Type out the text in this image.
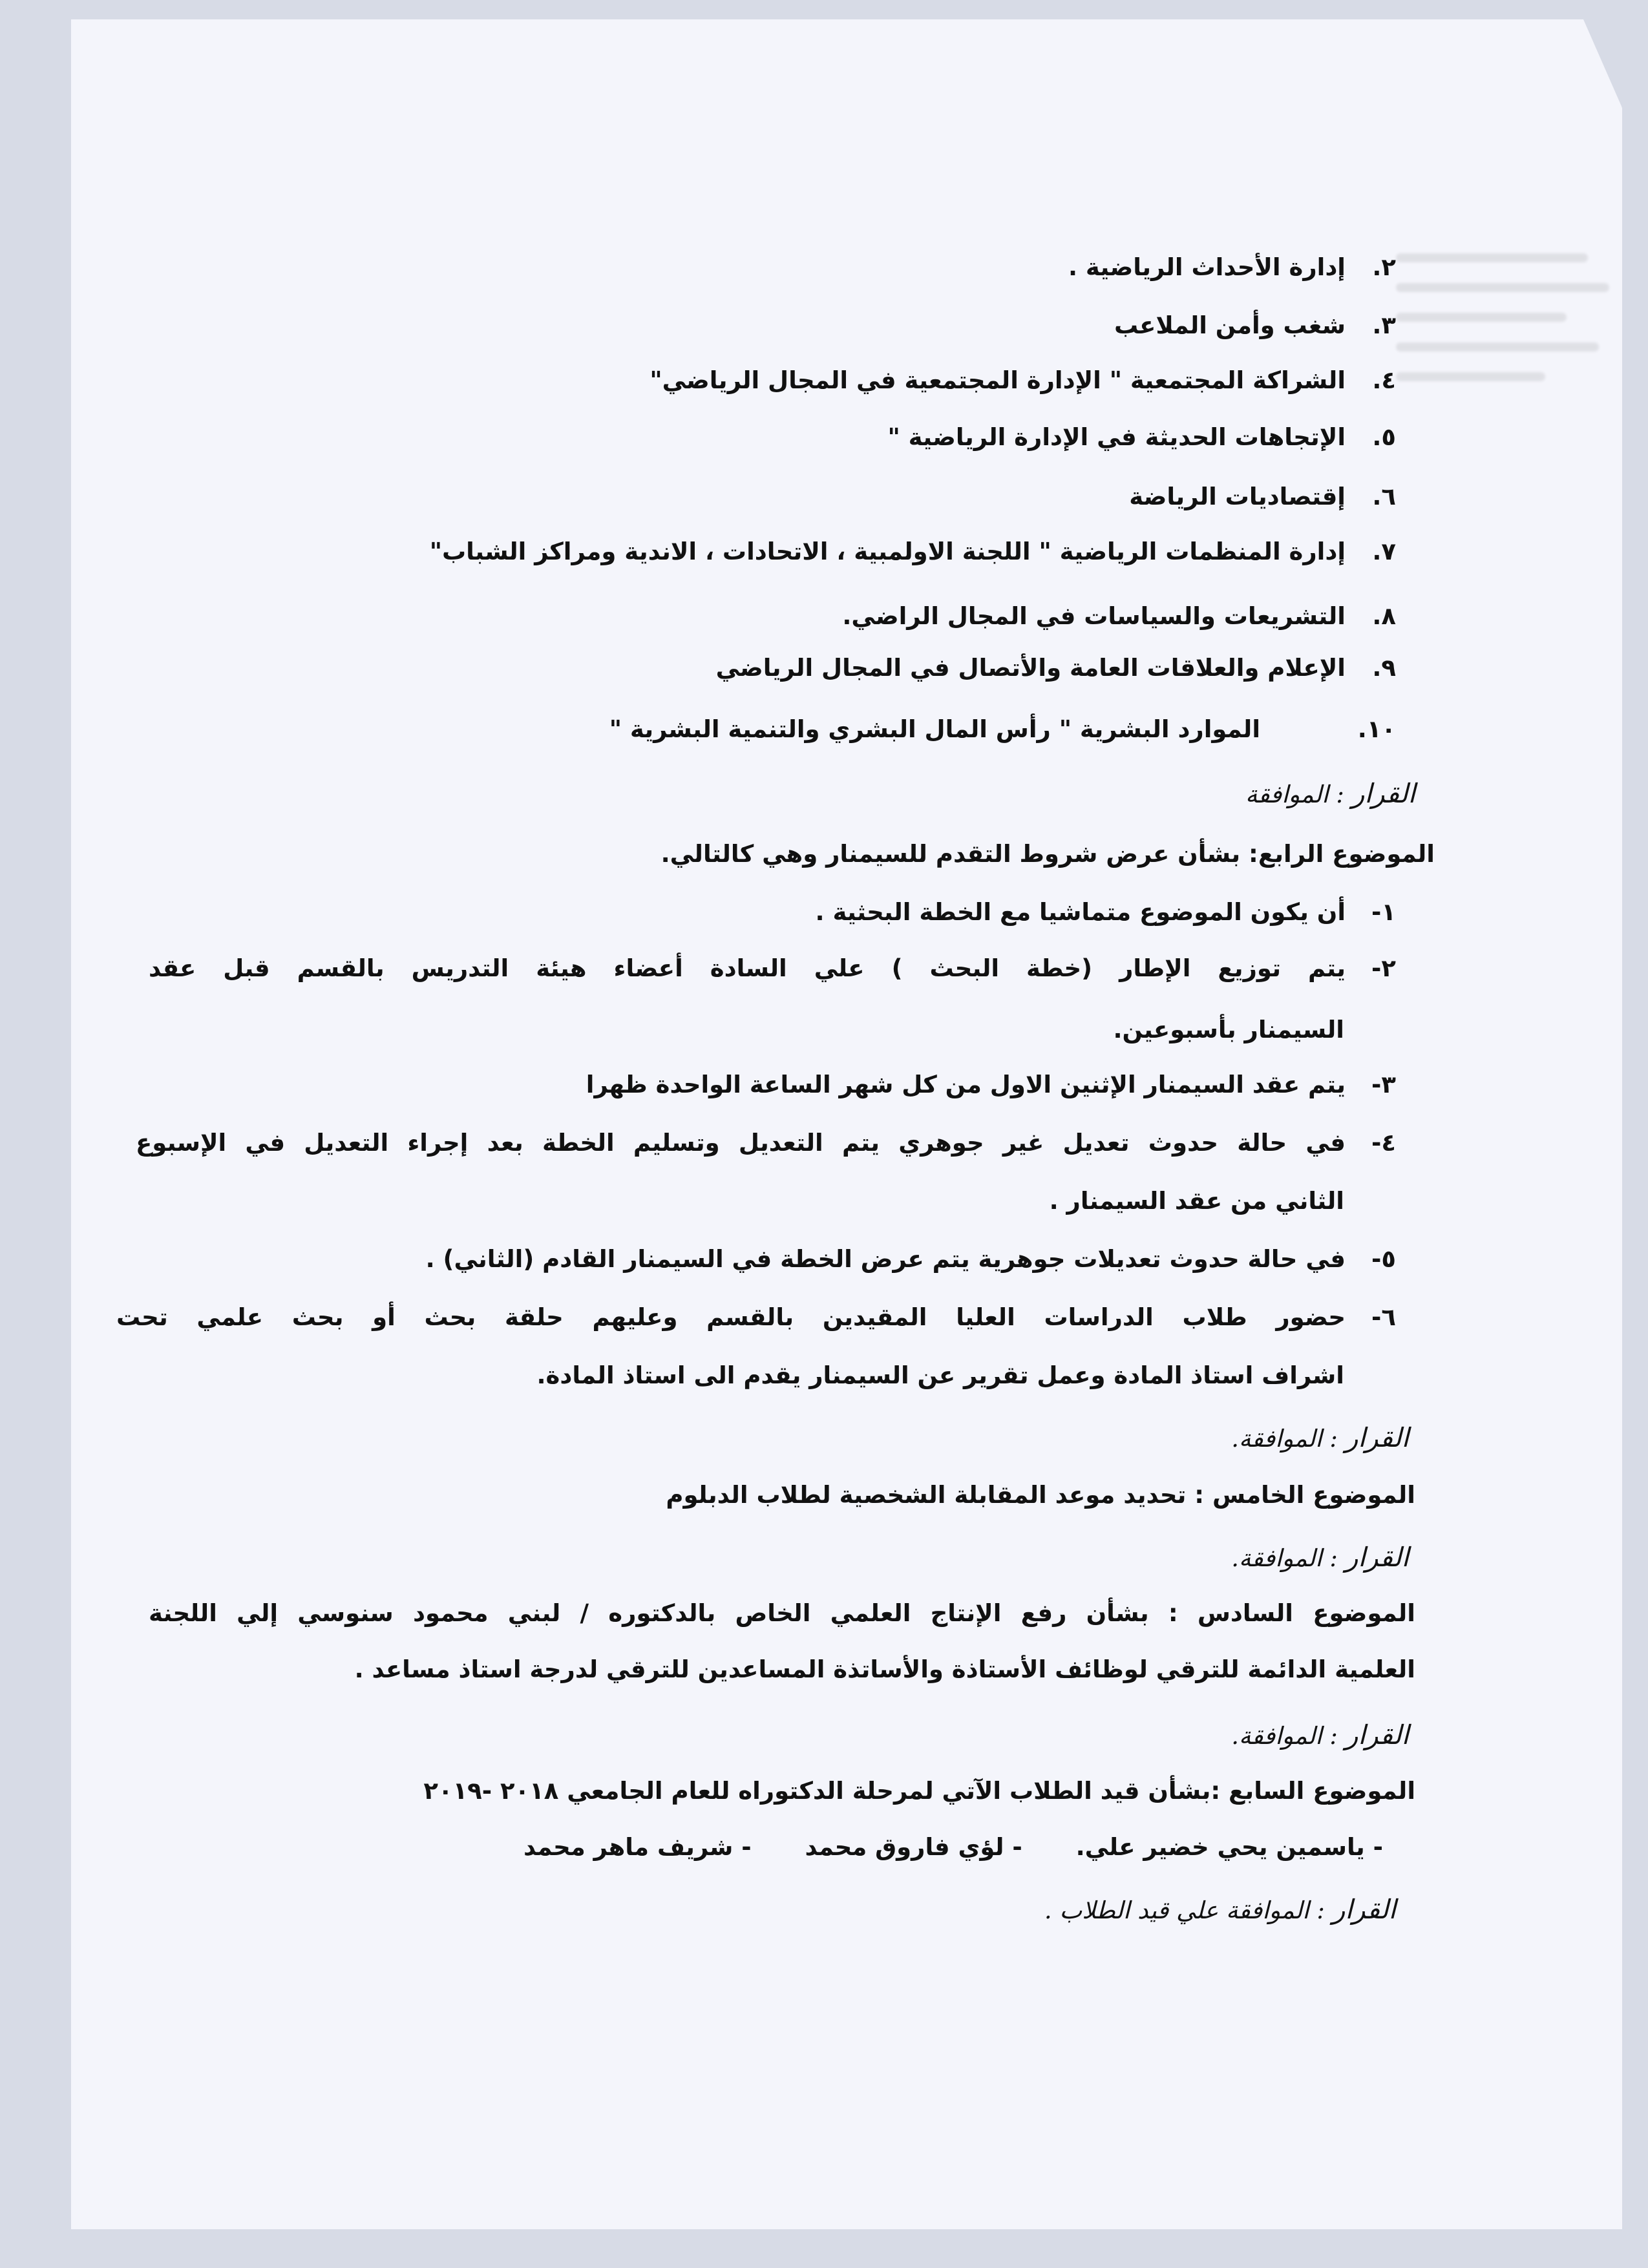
٢.إدارة الأحداث الرياضية .
٣.شغب وأمن الملاعب
٤.الشراكة المجتمعية " الإدارة المجتمعية في المجال الرياضي"
٥.الإتجاهات الحديثة في الإدارة الرياضية "
٦.إقتصاديات الرياضة
٧.إدارة المنظمات الرياضية " اللجنة الاولمبية ، الاتحادات ، الاندية ومراكز الشباب"
٨.التشريعات والسياسات في المجال الراضي.
٩.الإعلام والعلاقات العامة والأتصال في المجال الرياضي
١٠.الموارد البشرية " رأس المال البشري والتنمية البشرية "
القرار : الموافقة
الموضوع الرابع: بشأن عرض شروط التقدم للسيمنار وهي كالتالي.
١-أن يكون الموضوع متماشيا مع الخطة البحثية .
٢-يتم توزيع الإطار (خطة البحث ) علي السادة أعضاء هيئة التدريس بالقسم قبل عقد
السيمنار بأسبوعين.
٣-يتم عقد السيمنار الإثنين الاول من كل شهر الساعة الواحدة ظهرا
٤-في حالة حدوث تعديل غير جوهري يتم التعديل وتسليم الخطة بعد إجراء التعديل في الإسبوع
الثاني من عقد السيمنار .
٥-في حالة حدوث تعديلات جوهرية يتم عرض الخطة في السيمنار القادم (الثاني) .
٦-حضور طلاب الدراسات العليا المقيدين بالقسم وعليهم حلقة بحث أو بحث علمي تحت
اشراف استاذ المادة وعمل تقرير عن السيمنار يقدم الى استاذ المادة.
القرار : الموافقة.
الموضوع الخامس : تحديد موعد المقابلة الشخصية لطلاب الدبلوم
القرار : الموافقة.
الموضوع السادس : بشأن رفع الإنتاج العلمي الخاص بالدكتوره / لبني محمود سنوسي إلي اللجنة
العلمية الدائمة للترقي لوظائف الأستاذة والأساتذة المساعدين للترقي لدرجة استاذ مساعد .
القرار : الموافقة.
الموضوع السابع :بشأن قيد الطلاب الآتي لمرحلة الدكتوراه للعام الجامعي ٢٠١٨ -٢٠١٩
- ياسمين يحي خضير علي. - لؤي فاروق محمد - شريف ماهر محمد
القرار : الموافقة علي قيد الطلاب .
